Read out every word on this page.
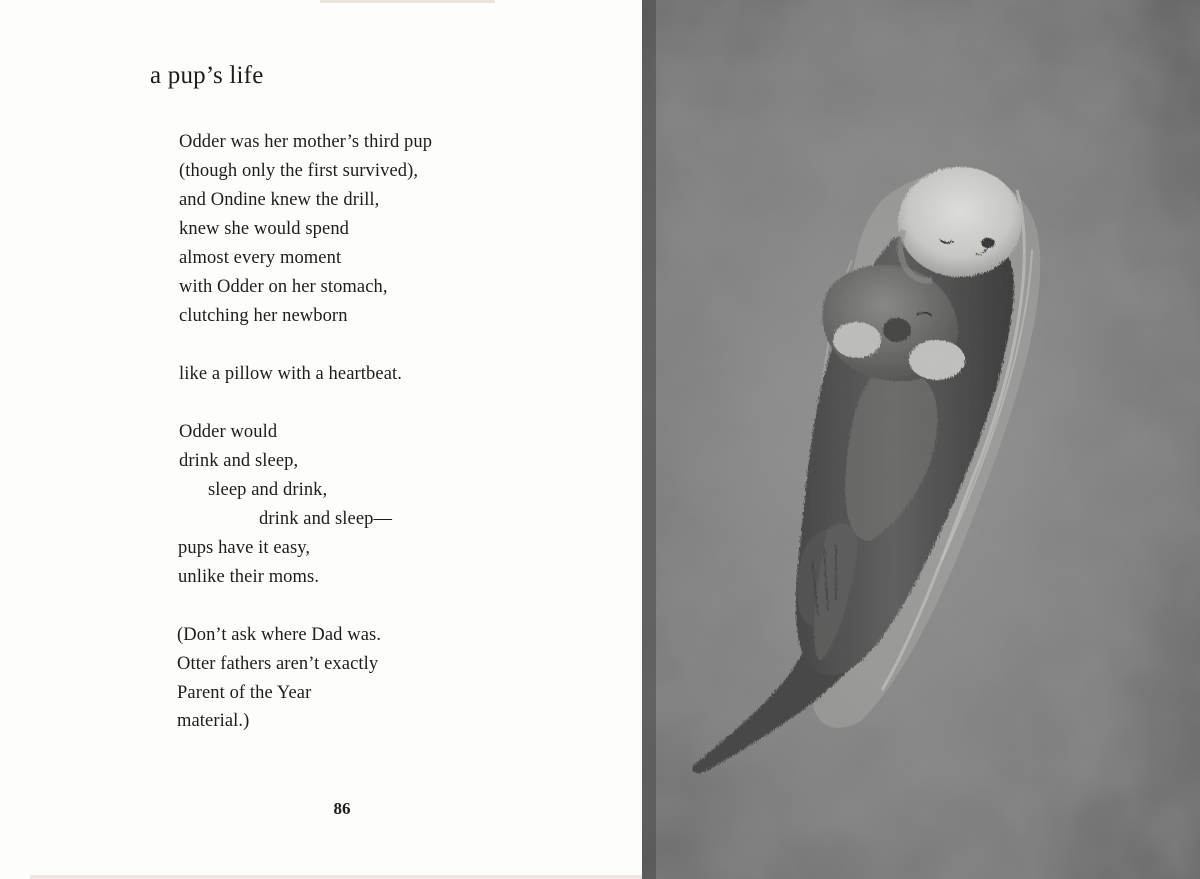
a pup’s life
Odder was her mother’s third pup
(though only the first survived),
and Ondine knew the drill,
knew she would spend
almost every moment
with Odder on her stomach,
clutching her newborn
like a pillow with a heartbeat.
Odder would
drink and sleep,
sleep and drink,
drink and sleep—
pups have it easy,
unlike their moms.
(Don’t ask where Dad was.
Otter fathers aren’t exactly
Parent of the Year
material.)
86
